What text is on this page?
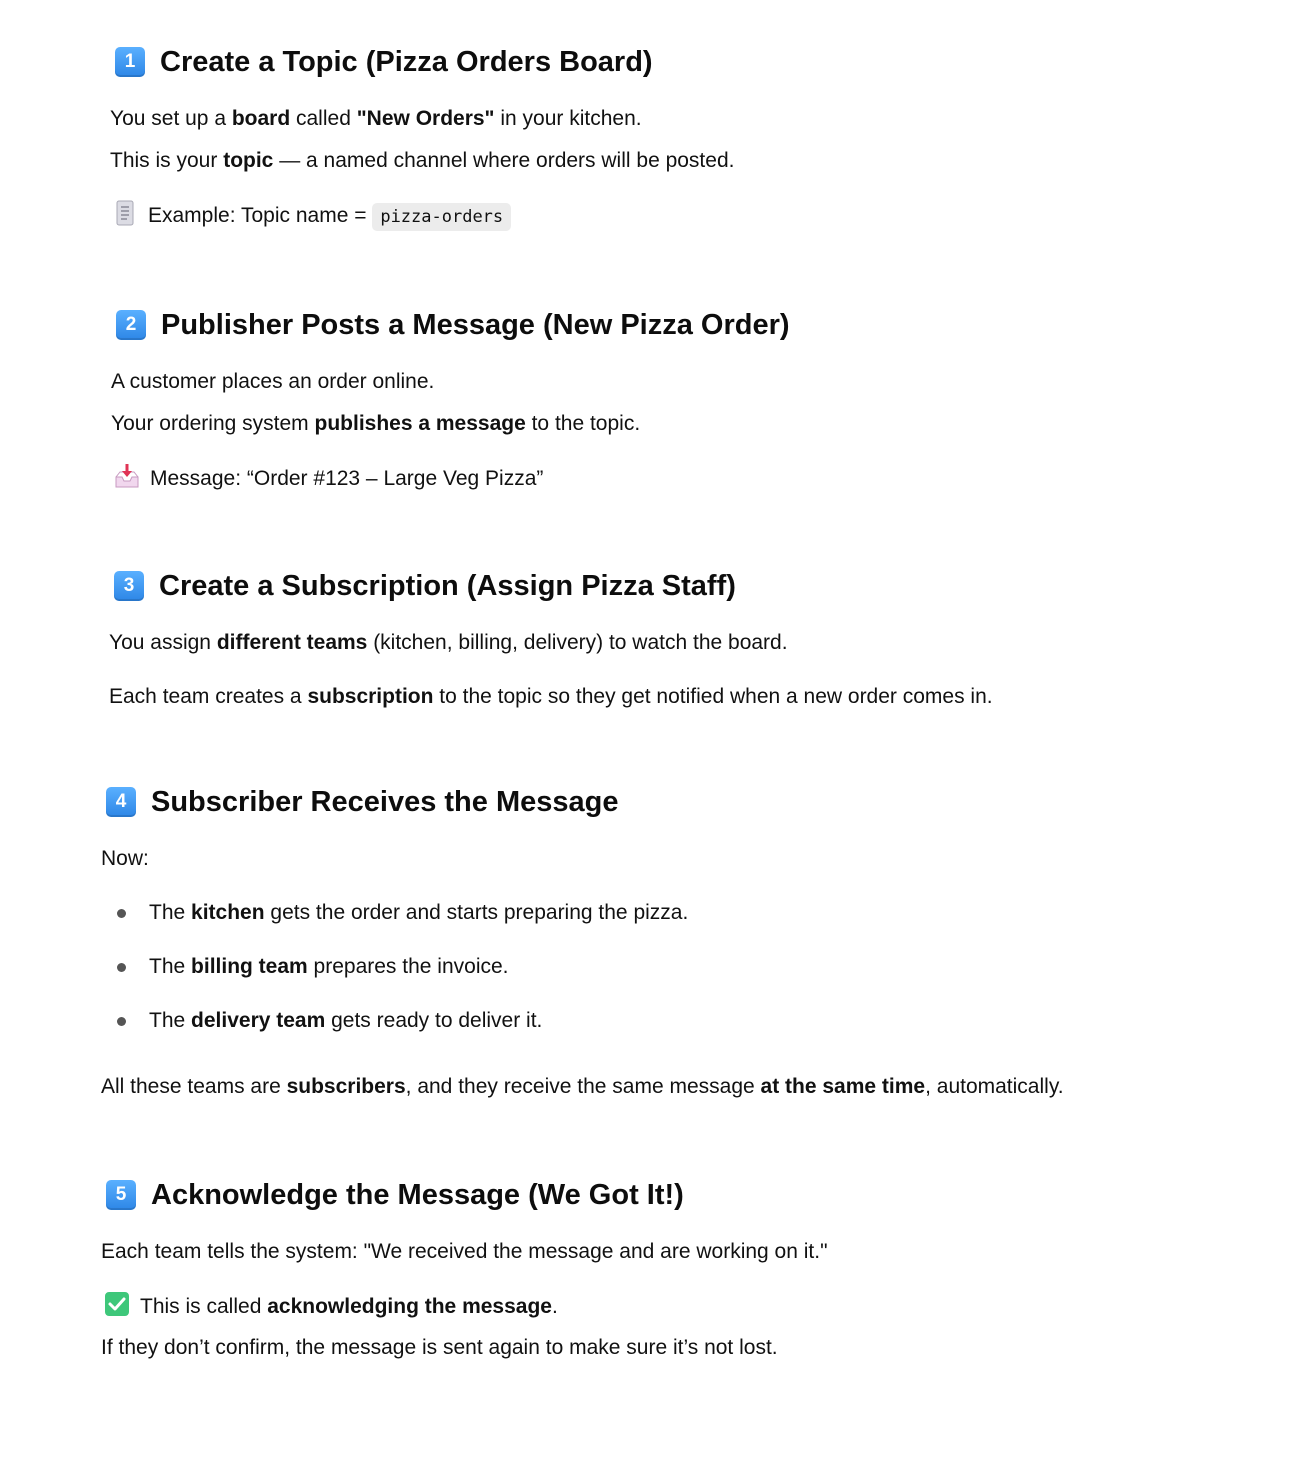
1 Create a Topic (Pizza Orders Board)

You set up a board called "New Orders" in your kitchen.

This is your topic — a named channel where orders will be posted.

Example: Topic name = pizza-orders

2 Publisher Posts a Message (New Pizza Order)

A customer places an order online.

Your ordering system publishes a message to the topic.

Message: “Order #123 – Large Veg Pizza”

3 Create a Subscription (Assign Pizza Staff)

You assign different teams (kitchen, billing, delivery) to watch the board.

Each team creates a subscription to the topic so they get notified when a new order comes in.

4 Subscriber Receives the Message

Now:

The kitchen gets the order and starts preparing the pizza.
The billing team prepares the invoice.
The delivery team gets ready to deliver it.

All these teams are subscribers, and they receive the same message at the same time, automatically.

5 Acknowledge the Message (We Got It!)

Each team tells the system: "We received the message and are working on it."

This is called acknowledging the message.

If they don’t confirm, the message is sent again to make sure it’s not lost.
